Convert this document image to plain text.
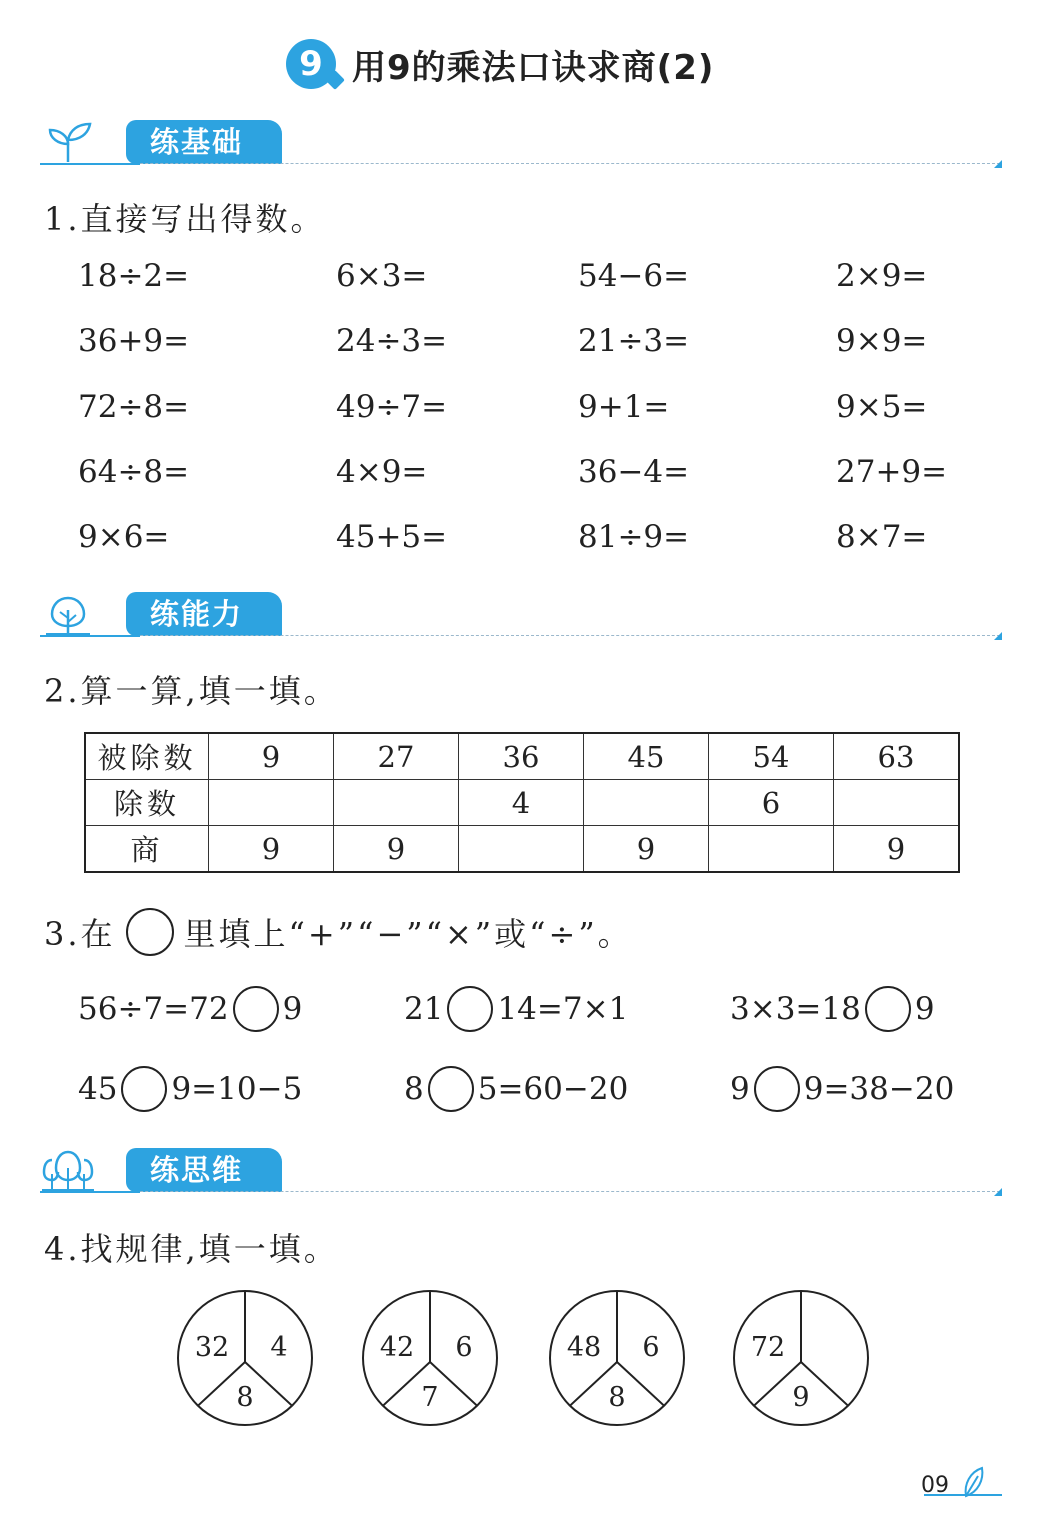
9 用9的乘法口诀求商(2)
练基础
1.直接写出得数。
18÷2=	6×3=	54−6=	2×9=
36+9=	24÷3=	21÷3=	9×9=
72÷8=	49÷7=	9+1=	9×5=
64÷8=	4×9=	36−4=	27+9=
9×6=	45+5=	81÷9=	8×7=
练能力
2.算一算,填一填。
被除数	9	27	36	45	54	63
除数			4		6	
商	9	9		9		9
3.在 里填上“+”“−”“×”或“÷”。
56÷7=72 9	21 14=7×1	3×3=18 9
45 9=10−5	8 5=60−20	9 9=38−20
练思维
4.找规律,填一填。
32 4
8
42 6
7
48 6
8
72
9
09
